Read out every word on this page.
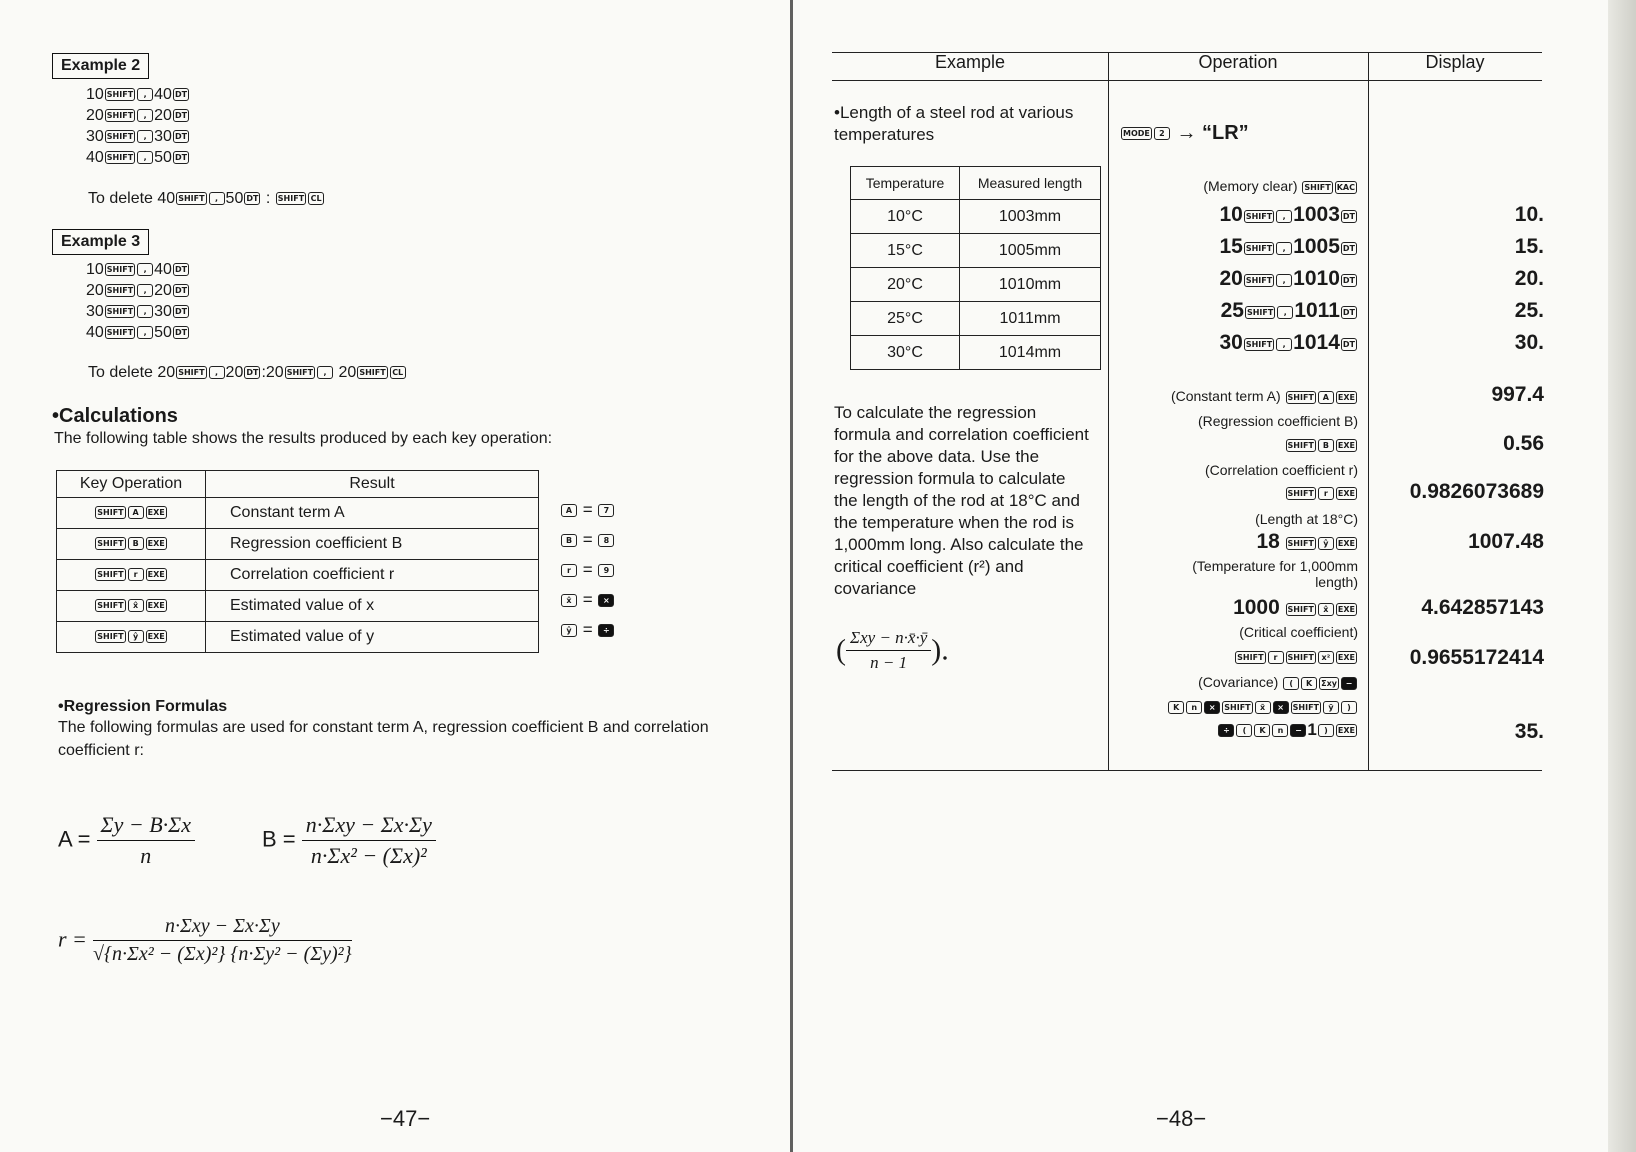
Example 2
10 SHIFT , 40 DT
20 SHIFT , 20 DT
30 SHIFT , 30 DT
40 SHIFT , 50 DT
To delete 40 SHIFT , 50 DT : SHIFT CL
Example 3
10 SHIFT , 40 DT
20 SHIFT , 20 DT
30 SHIFT , 30 DT
40 SHIFT , 50 DT
To delete 20 SHIFT , 20 DT :20 SHIFT , 20 SHIFT CL
•Calculations
The following table shows the results produced by each key operation:
Key Operation	Result
SHIFT A EXE	Constant term A
SHIFT B EXE	Regression coefficient B
SHIFT r EXE	Correlation coefficient r
SHIFT x̂ EXE	Estimated value of x
SHIFT ŷ EXE	Estimated value of y
A = 7
B = 8
r = 9
x̂ = ×
ŷ = ÷
•Regression Formulas
The following formulas are used for constant term A, regression coefficient B and correlation coefficient r:
$A = \frac{\Sigma y - B\cdot\Sigma x}{n}$	$B = \frac{\text{n·Σxy − Σx·Σy}}{\text{n·Σx² − (Σx)²}}$
$r = \frac{\text{n·Σxy − Σx·Σy}}{\text{√\{n·Σx² − (Σx)²\} \{n·Σy² − (Σy)²\}}}$
−47−
Example	Operation	Display
•Length of a steel rod at various temperatures	MODE 2 → “LR”
Temperature	Measured length
10°C	1003mm
15°C	1005mm
20°C	1010mm
25°C	1011mm
30°C	1014mm
To calculate the regression formula and correlation coefficient for the above data. Use the regression formula to calculate the length of the rod at 18°C and the temperature when the rod is 1,000mm long. Also calculate the critical coefficient (r²) and covariance
( $\frac{\text{Σxy − n·x̄·ȳ}}{n - 1}$ ).
(Memory clear) SHIFT KAC
10 SHIFT , 1003 DT	10.
15 SHIFT , 1005 DT	15.
20 SHIFT , 1010 DT	20.
25 SHIFT , 1011 DT	25.
30 SHIFT , 1014 DT	30.
(Constant term A) SHIFT A EXE	997.4
(Regression coefficient B)
SHIFT B EXE	0.56
(Correlation coefficient r)
SHIFT r EXE	0.9826073689
(Length at 18°C)
18 SHIFT ŷ EXE	1007.48
(Temperature for 1,000mm length)
1000 SHIFT x̂ EXE	4.642857143
(Critical coefficient)
SHIFT r SHIFT x² EXE	0.9655172414
(Covariance) ( K Σxy −
K n × SHIFT x̄ × SHIFT ȳ )
÷ ( K n − 1 ) EXE	35.
−48−
